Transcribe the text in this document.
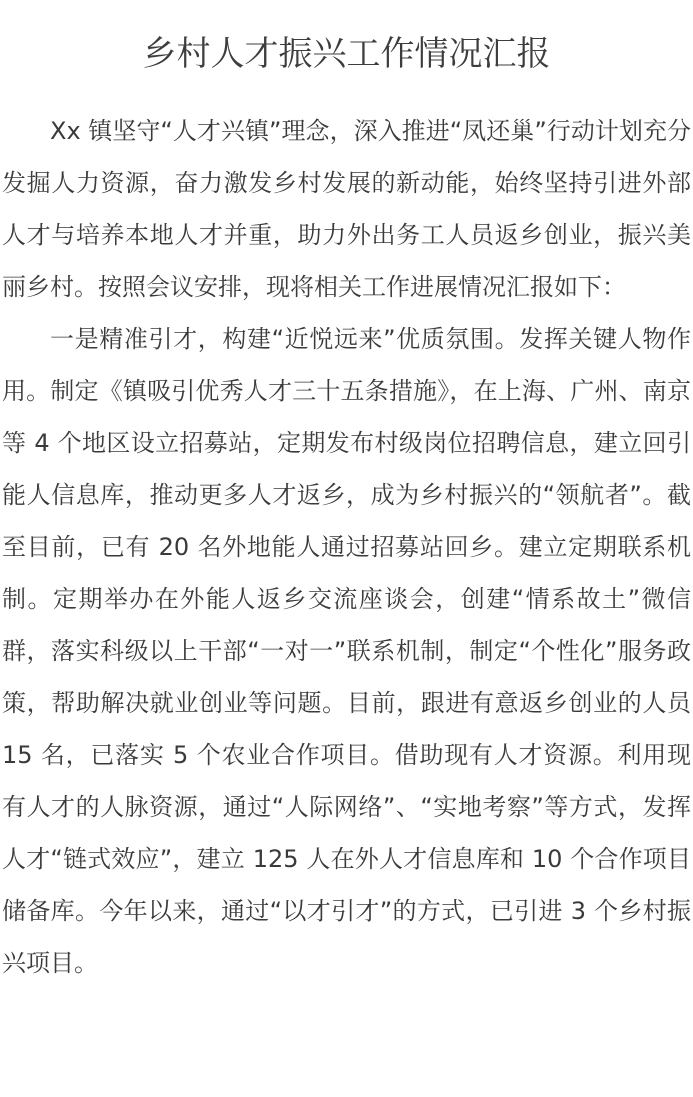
乡村人才振兴工作情况汇报

Xx 镇坚守“人才兴镇”理念，深入推进“凤还巢”行动计划充分发掘人力资源，奋力激发乡村发展的新动能，始终坚持引进外部人才与培养本地人才并重，助力外出务工人员返乡创业，振兴美丽乡村。按照会议安排，现将相关工作进展情况汇报如下：

一是精准引才，构建“近悦远来”优质氛围。发挥关键人物作用。制定《镇吸引优秀人才三十五条措施》，在上海、广州、南京等 4 个地区设立招募站，定期发布村级岗位招聘信息，建立回引能人信息库，推动更多人才返乡，成为乡村振兴的“领航者”。截至目前，已有 20 名外地能人通过招募站回乡。建立定期联系机制。定期举办在外能人返乡交流座谈会，创建“情系故土”微信群，落实科级以上干部“一对一”联系机制，制定“个性化”服务政策，帮助解决就业创业等问题。目前，跟进有意返乡创业的人员 15 名，已落实 5 个农业合作项目。借助现有人才资源。利用现有人才的人脉资源，通过“人际网络”、“实地考察”等方式，发挥人才“链式效应”，建立 125 人在外人才信息库和 10 个合作项目储备库。今年以来，通过“以才引才”的方式，已引进 3 个乡村振兴项目。
